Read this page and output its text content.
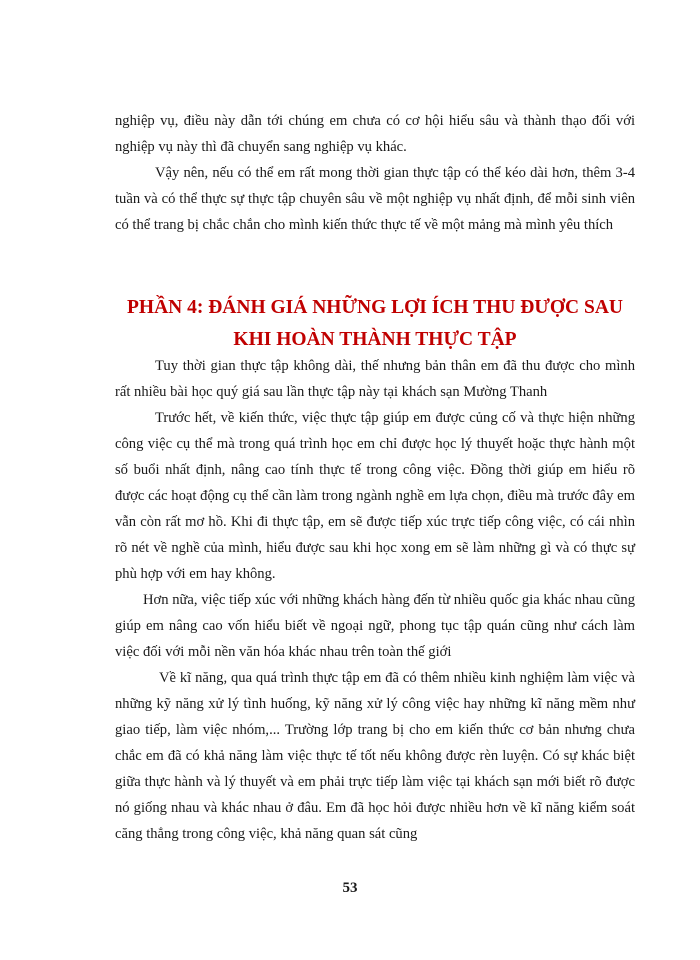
nghiệp vụ, điều này dẫn tới chúng em chưa có cơ hội hiểu sâu và thành thạo đối với nghiệp vụ này thì đã chuyển sang nghiệp vụ khác.

Vậy nên, nếu có thể em rất mong thời gian thực tập có thể kéo dài hơn, thêm 3-4 tuần và có thể thực sự thực tập chuyên sâu về một nghiệp vụ nhất định, để mỗi sinh viên có thể trang bị chắc chắn cho mình kiến thức thực tế về một mảng mà mình yêu thích

PHẦN 4: ĐÁNH GIÁ NHỮNG LỢI ÍCH THU ĐƯỢC SAU
KHI HOÀN THÀNH THỰC TẬP

Tuy thời gian thực tập không dài, thế nhưng bản thân em đã thu được cho mình rất nhiều bài học quý giá sau lần thực tập này tại khách sạn Mường Thanh

Trước hết, về kiến thức, việc thực tập giúp em được củng cố và thực hiện những công việc cụ thể mà trong quá trình học em chỉ được học lý thuyết hoặc thực hành một số buổi nhất định, nâng cao tính thực tế trong công việc. Đồng thời giúp em hiểu rõ được các hoạt động cụ thể cần làm trong ngành nghề em lựa chọn, điều mà trước đây em vẫn còn rất mơ hồ. Khi đi thực tập, em sẽ được tiếp xúc trực tiếp công việc, có cái nhìn rõ nét về nghề của mình, hiểu được sau khi học xong em sẽ làm những gì và có thực sự phù hợp với em hay không.

Hơn nữa, việc tiếp xúc với những khách hàng đến từ nhiều quốc gia khác nhau cũng giúp em nâng cao vốn hiểu biết về ngoại ngữ, phong tục tập quán cũng như cách làm việc đối với mỗi nền văn hóa khác nhau trên toàn thế giới

Về kĩ năng, qua quá trình thực tập em đã có thêm nhiều kinh nghiệm làm việc và những kỹ năng xử lý tình huống, kỹ năng xử lý công việc hay những kĩ năng mềm như giao tiếp, làm việc nhóm,... Trường lớp trang bị cho em kiến thức cơ bản nhưng chưa chắc em đã có khả năng làm việc thực tế tốt nếu không được rèn luyện. Có sự khác biệt giữa thực hành và lý thuyết và em phải trực tiếp làm việc tại khách sạn mới biết rõ được nó giống nhau và khác nhau ở đâu. Em đã học hỏi được nhiều hơn về kĩ năng kiểm soát căng thẳng trong công việc, khả năng quan sát cũng

53
